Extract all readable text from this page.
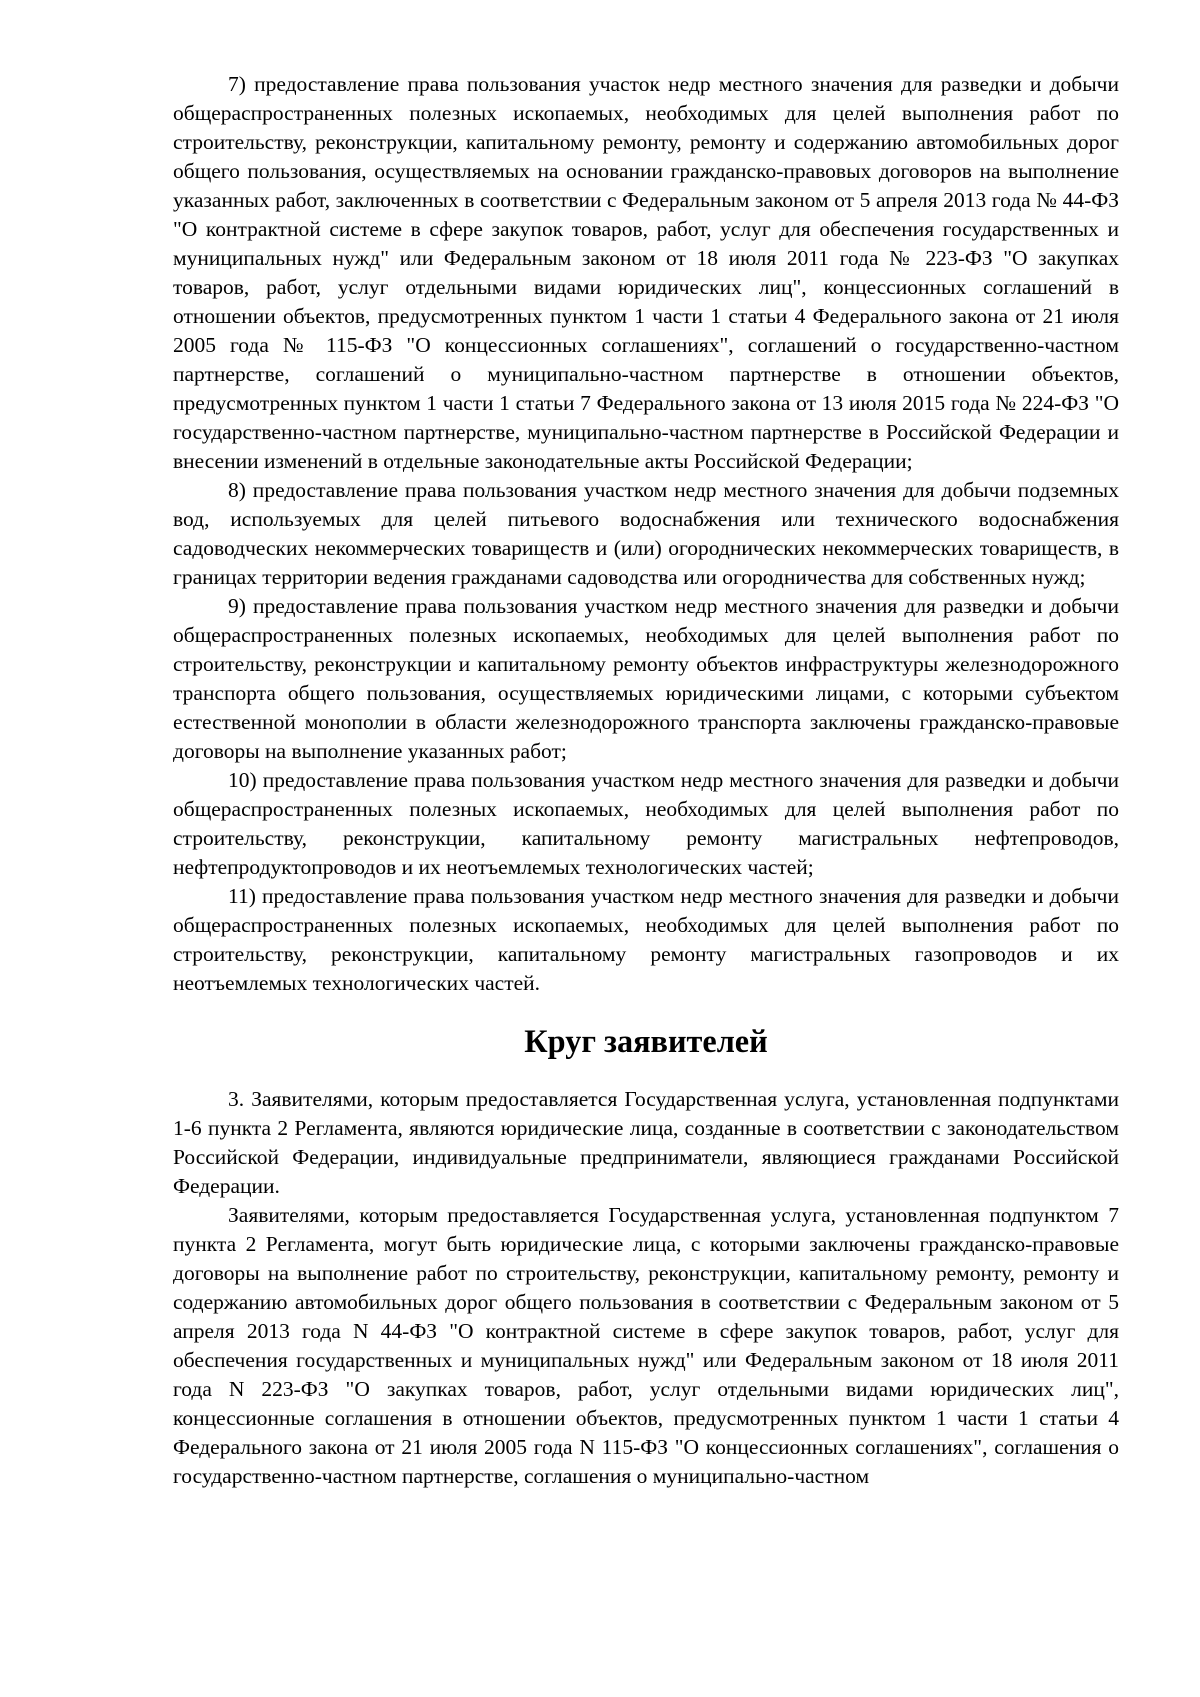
7) предоставление права пользования участок недр местного значения для разведки и добычи общераспространенных полезных ископаемых, необходимых для целей выполнения работ по строительству, реконструкции, капитальному ремонту, ремонту и содержанию автомобильных дорог общего пользования, осуществляемых на основании гражданско-правовых договоров на выполнение указанных работ, заключенных в соответствии с Федеральным законом от 5 апреля 2013 года № 44-ФЗ "О контрактной системе в сфере закупок товаров, работ, услуг для обеспечения государственных и муниципальных нужд" или Федеральным законом от 18 июля 2011 года № 223-ФЗ "О закупках товаров, работ, услуг отдельными видами юридических лиц", концессионных соглашений в отношении объектов, предусмотренных пунктом 1 части 1 статьи 4 Федерального закона от 21 июля 2005 года № 115-ФЗ "О концессионных соглашениях", соглашений о государственно-частном партнерстве, соглашений о муниципально-частном партнерстве в отношении объектов, предусмотренных пунктом 1 части 1 статьи 7 Федерального закона от 13 июля 2015 года № 224-ФЗ "О государственно-частном партнерстве, муниципально-частном партнерстве в Российской Федерации и внесении изменений в отдельные законодательные акты Российской Федерации;

8) предоставление права пользования участком недр местного значения для добычи подземных вод, используемых для целей питьевого водоснабжения или технического водоснабжения садоводческих некоммерческих товариществ и (или) огороднических некоммерческих товариществ, в границах территории ведения гражданами садоводства или огородничества для собственных нужд;

9) предоставление права пользования участком недр местного значения для разведки и добычи общераспространенных полезных ископаемых, необходимых для целей выполнения работ по строительству, реконструкции и капитальному ремонту объектов инфраструктуры железнодорожного транспорта общего пользования, осуществляемых юридическими лицами, с которыми субъектом естественной монополии в области железнодорожного транспорта заключены гражданско-правовые договоры на выполнение указанных работ;

10) предоставление права пользования участком недр местного значения для разведки и добычи общераспространенных полезных ископаемых, необходимых для целей выполнения работ по строительству, реконструкции, капитальному ремонту магистральных нефтепроводов, нефтепродуктопроводов и их неотъемлемых технологических частей;

11) предоставление права пользования участком недр местного значения для разведки и добычи общераспространенных полезных ископаемых, необходимых для целей выполнения работ по строительству, реконструкции, капитальному ремонту магистральных газопроводов и их неотъемлемых технологических частей.

Круг заявителей

3. Заявителями, которым предоставляется Государственная услуга, установленная подпунктами 1-6 пункта 2 Регламента, являются юридические лица, созданные в соответствии с законодательством Российской Федерации, индивидуальные предприниматели, являющиеся гражданами Российской Федерации.

Заявителями, которым предоставляется Государственная услуга, установленная подпунктом 7 пункта 2 Регламента, могут быть юридические лица, с которыми заключены гражданско-правовые договоры на выполнение работ по строительству, реконструкции, капитальному ремонту, ремонту и содержанию автомобильных дорог общего пользования в соответствии с Федеральным законом от 5 апреля 2013 года N 44-ФЗ "О контрактной системе в сфере закупок товаров, работ, услуг для обеспечения государственных и муниципальных нужд" или Федеральным законом от 18 июля 2011 года N 223-ФЗ "О закупках товаров, работ, услуг отдельными видами юридических лиц", концессионные соглашения в отношении объектов, предусмотренных пунктом 1 части 1 статьи 4 Федерального закона от 21 июля 2005 года N 115-ФЗ "О концессионных соглашениях", соглашения о государственно-частном партнерстве, соглашения о муниципально-частном
